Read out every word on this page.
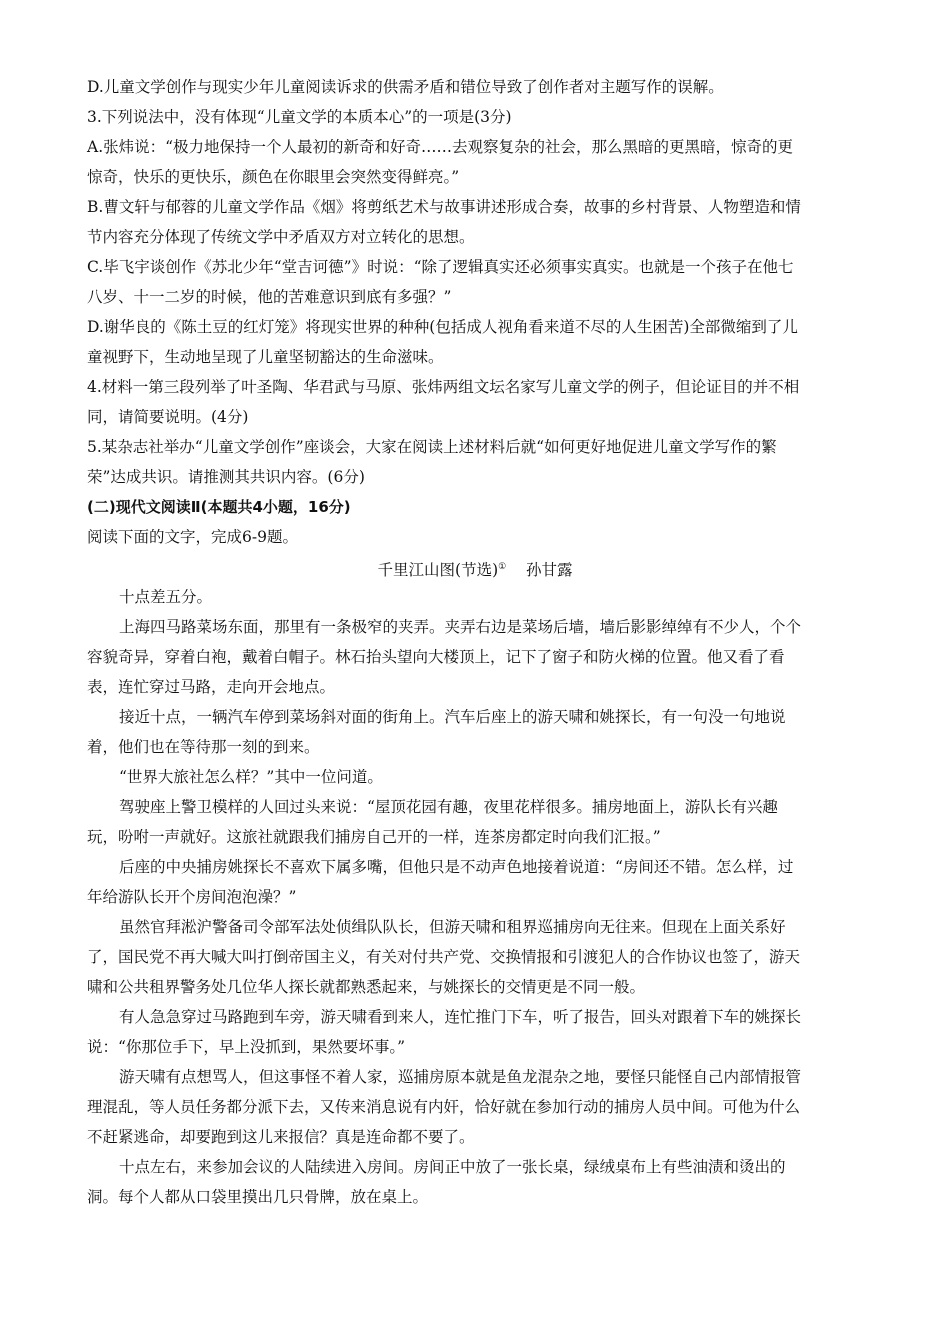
D.儿童文学创作与现实少年儿童阅读诉求的供需矛盾和错位导致了创作者对主题写作的误解。
3.下列说法中，没有体现“儿童文学的本质本心”的一项是(3分)
A.张炜说：“极力地保持一个人最初的新奇和好奇……去观察复杂的社会，那么黑暗的更黑暗，惊奇的更
惊奇，快乐的更快乐，颜色在你眼里会突然变得鲜亮。”
B.曹文轩与郁蓉的儿童文学作品《烟》将剪纸艺术与故事讲述形成合奏，故事的乡村背景、人物塑造和情
节内容充分体现了传统文学中矛盾双方对立转化的思想。
C.毕飞宇谈创作《苏北少年“堂吉诃德”》时说：“除了逻辑真实还必须事实真实。也就是一个孩子在他七
八岁、十一二岁的时候，他的苦难意识到底有多强？”
D.谢华良的《陈土豆的红灯笼》将现实世界的种种(包括成人视角看来道不尽的人生困苦)全部微缩到了儿
童视野下，生动地呈现了儿童坚韧豁达的生命滋味。
4.材料一第三段列举了叶圣陶、华君武与马原、张炜两组文坛名家写儿童文学的例子，但论证目的并不相
同，请简要说明。(4分)
5.某杂志社举办“儿童文学创作”座谈会，大家在阅读上述材料后就“如何更好地促进儿童文学写作的繁
荣”达成共识。请推测其共识内容。(6分)
(二)现代文阅读Ⅱ(本题共4小题，16分)
阅读下面的文字，完成6-9题。
千里江山图(节选)① 孙甘露
十点差五分。
上海四马路菜场东面，那里有一条极窄的夹弄。夹弄右边是菜场后墙，墙后影影绰绰有不少人，个个
容貌奇异，穿着白袍，戴着白帽子。林石抬头望向大楼顶上，记下了窗子和防火梯的位置。他又看了看
表，连忙穿过马路，走向开会地点。
接近十点，一辆汽车停到菜场斜对面的街角上。汽车后座上的游天啸和姚探长，有一句没一句地说
着，他们也在等待那一刻的到来。
“世界大旅社怎么样？”其中一位问道。
驾驶座上警卫模样的人回过头来说：“屋顶花园有趣，夜里花样很多。捕房地面上，游队长有兴趣
玩，吩咐一声就好。这旅社就跟我们捕房自己开的一样，连茶房都定时向我们汇报。”
后座的中央捕房姚探长不喜欢下属多嘴，但他只是不动声色地接着说道：“房间还不错。怎么样，过
年给游队长开个房间泡泡澡？”
虽然官拜淞沪警备司令部军法处侦缉队队长，但游天啸和租界巡捕房向无往来。但现在上面关系好
了，国民党不再大喊大叫打倒帝国主义，有关对付共产党、交换情报和引渡犯人的合作协议也签了，游天
啸和公共租界警务处几位华人探长就都熟悉起来，与姚探长的交情更是不同一般。
有人急急穿过马路跑到车旁，游天啸看到来人，连忙推门下车，听了报告，回头对跟着下车的姚探长
说：“你那位手下，早上没抓到，果然要坏事。”
游天啸有点想骂人，但这事怪不着人家，巡捕房原本就是鱼龙混杂之地，要怪只能怪自己内部情报管
理混乱，等人员任务都分派下去，又传来消息说有内奸，恰好就在参加行动的捕房人员中间。可他为什么
不赶紧逃命，却要跑到这儿来报信？真是连命都不要了。
十点左右，来参加会议的人陆续进入房间。房间正中放了一张长桌，绿绒桌布上有些油渍和烫出的
洞。每个人都从口袋里摸出几只骨牌，放在桌上。
